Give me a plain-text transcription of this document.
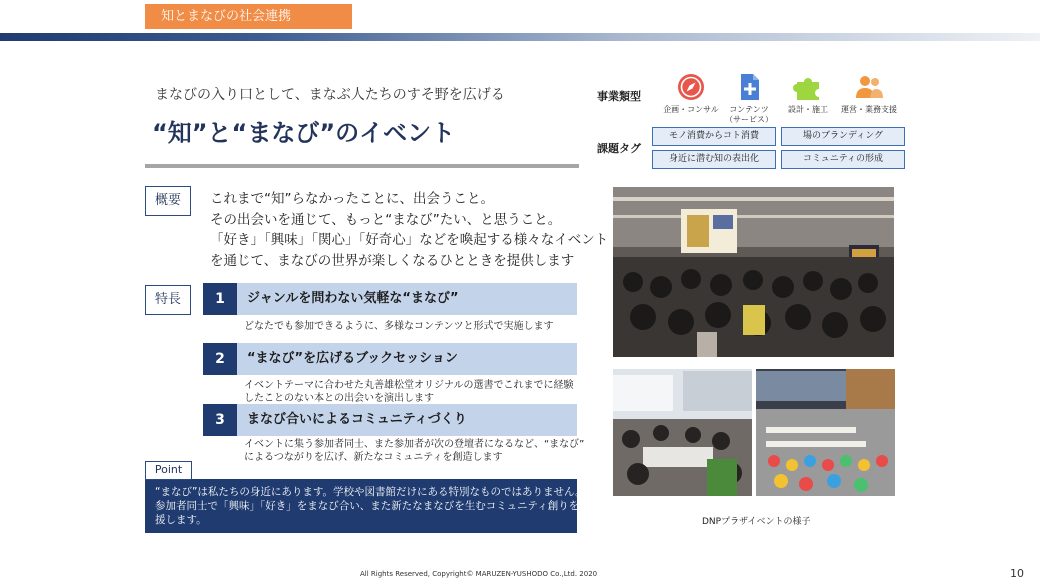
知とまなびの社会連携
まなびの入り口として、まなぶ人たちのすそ野を広げる
“知”と“まなび”のイベント
概要	これまで“知”らなかったことに、出会うこと。
その出会いを通じて、もっと“まなび”たい、と思うこと。
「好き」「興味」「関心」「好奇心」などを喚起する様々なイベント
を通じて、まなびの世界が楽しくなるひとときを提供します
特長	1	ジャンルを問わない気軽な“まなび”
どなたでも参加できるように、多様なコンテンツと形式で実施します
2	“まなび”を広げるブックセッション
イベントテーマに合わせた丸善雄松堂オリジナルの選書でこれまでに経験
したことのない本との出会いを演出します
3	まなび合いによるコミュニティづくり
イベントに集う参加者同士、また参加者が次の登壇者になるなど、“まなび”
によるつながりを広げ、新たなコミュニティを創造します
Point
“まなび”は私たちの身近にあります。学校や図書館だけにある特別なものではありません。
参加者同士で「興味」「好き」をまなび合い、また新たなまなびを生むコミュニティ創りを支
援します。
事業類型
企画・コンサル	コンテンツ
（サービス）
設計・施工	運営・業務支援
課題タグ
モノ消費からコト消費	場のブランディング
身近に潜む知の表出化	コミュニティの形成
DNPプラザイベントの様子
All Rights Reserved, Copyright© MARUZEN-YUSHODO Co.,Ltd. 2020	10
